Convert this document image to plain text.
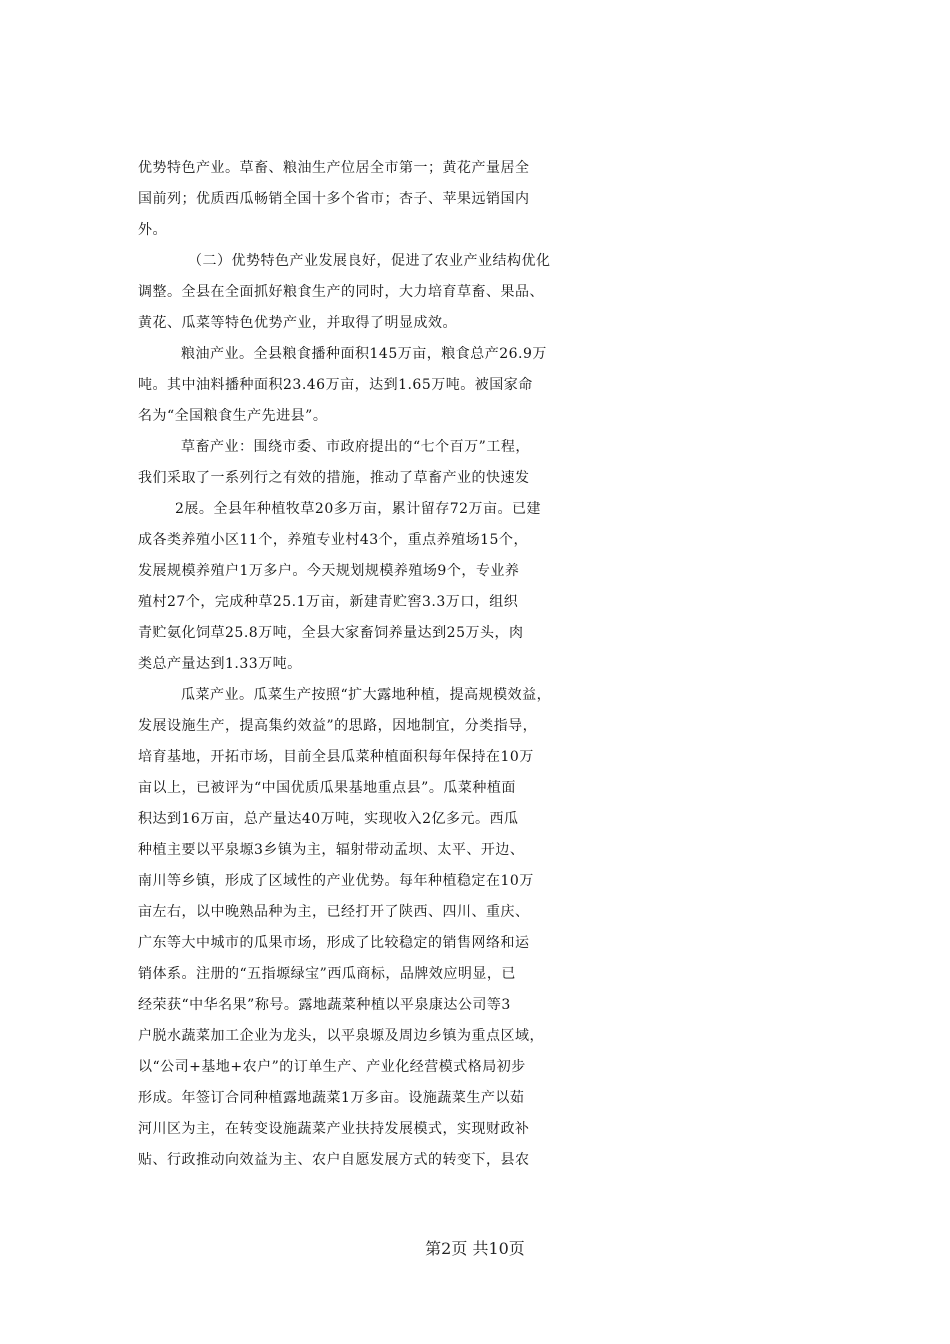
优势特色产业。草畜、粮油生产位居全市第一；黄花产量居全
国前列；优质西瓜畅销全国十多个省市；杏子、苹果远销国内
外。
（二）优势特色产业发展良好，促进了农业产业结构优化
调整。全县在全面抓好粮食生产的同时，大力培育草畜、果品、
黄花、瓜菜等特色优势产业，并取得了明显成效。
粮油产业。全县粮食播种面积145万亩，粮食总产26.9万
吨。其中油料播种面积23.46万亩，达到1.65万吨。被国家命
名为“全国粮食生产先进县”。
草畜产业：围绕市委、市政府提出的“七个百万”工程，
我们采取了一系列行之有效的措施，推动了草畜产业的快速发
2展。全县年种植牧草20多万亩，累计留存72万亩。已建
成各类养殖小区11个，养殖专业村43个，重点养殖场15个，
发展规模养殖户1万多户。今天规划规模养殖场9个，专业养
殖村27个，完成种草25.1万亩，新建青贮窖3.3万口，组织
青贮氨化饲草25.8万吨，全县大家畜饲养量达到25万头，肉
类总产量达到1.33万吨。
瓜菜产业。瓜菜生产按照“扩大露地种植，提高规模效益，
发展设施生产，提高集约效益”的思路，因地制宜，分类指导，
培育基地，开拓市场，目前全县瓜菜种植面积每年保持在10万
亩以上，已被评为“中国优质瓜果基地重点县”。瓜菜种植面
积达到16万亩，总产量达40万吨，实现收入2亿多元。西瓜
种植主要以平泉塬3乡镇为主，辐射带动孟坝、太平、开边、
南川等乡镇，形成了区域性的产业优势。每年种植稳定在10万
亩左右，以中晚熟品种为主，已经打开了陕西、四川、重庆、
广东等大中城市的瓜果市场，形成了比较稳定的销售网络和运
销体系。注册的“五指塬绿宝”西瓜商标，品牌效应明显，已
经荣获“中华名果”称号。露地蔬菜种植以平泉康达公司等3
户脱水蔬菜加工企业为龙头，以平泉塬及周边乡镇为重点区域，
以“公司+基地+农户”的订单生产、产业化经营模式格局初步
形成。年签订合同种植露地蔬菜1万多亩。设施蔬菜生产以茹
河川区为主，在转变设施蔬菜产业扶持发展模式，实现财政补
贴、行政推动向效益为主、农户自愿发展方式的转变下，县农
第2页 共10页
